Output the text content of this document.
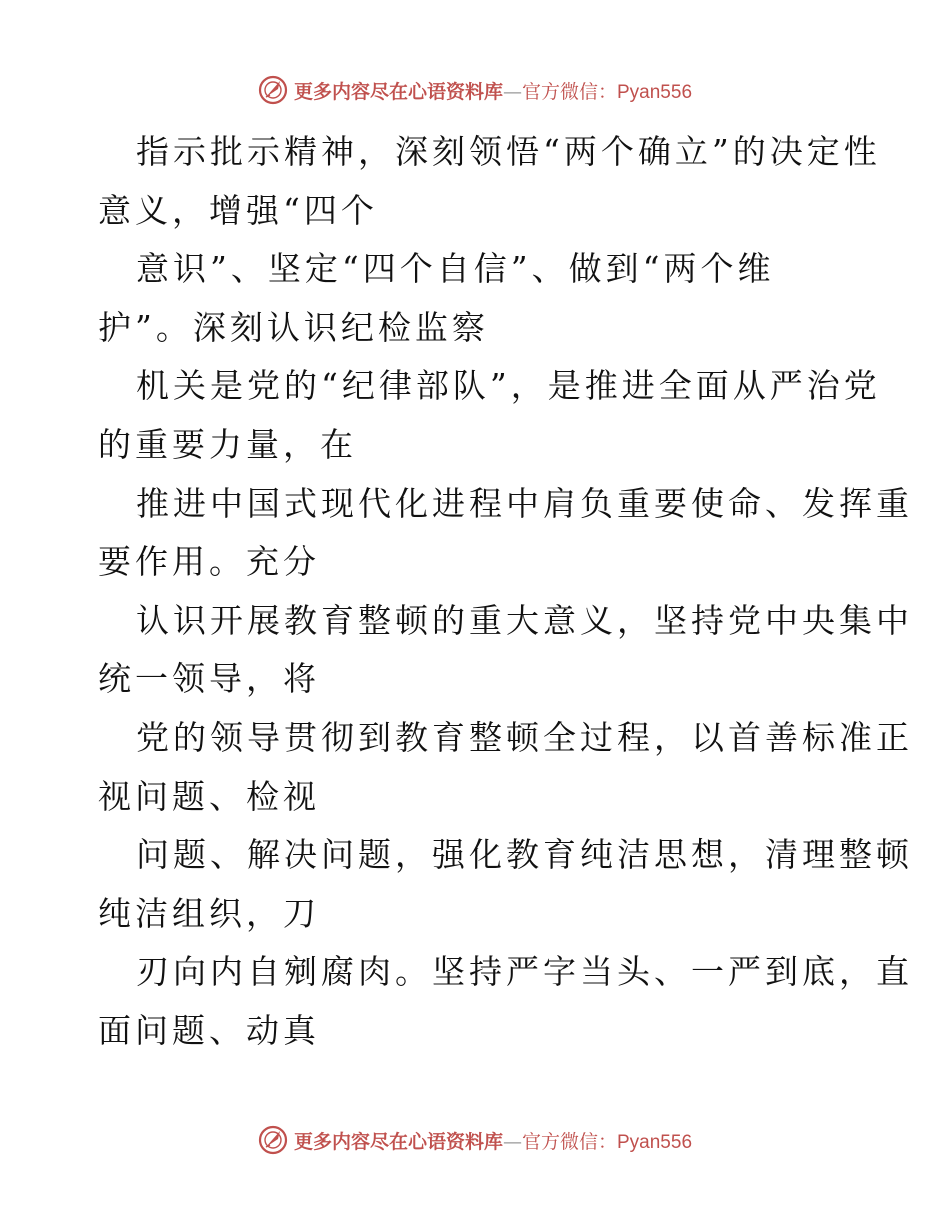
更多内容尽在心语资料库—官方微信：Pyan556
指示批示精神，深刻领悟“两个确立”的决定性
意义，增强“四个
意识”、坚定“四个自信”、做到“两个维
护”。深刻认识纪检监察
机关是党的“纪律部队”，是推进全面从严治党
的重要力量，在
推进中国式现代化进程中肩负重要使命、发挥重
要作用。充分
认识开展教育整顿的重大意义，坚持党中央集中
统一领导，将
党的领导贯彻到教育整顿全过程，以首善标准正
视问题、检视
问题、解决问题，强化教育纯洁思想，清理整顿
纯洁组织，刀
刃向内自剜腐肉。坚持严字当头、一严到底，直
面问题、动真
更多内容尽在心语资料库—官方微信：Pyan556
